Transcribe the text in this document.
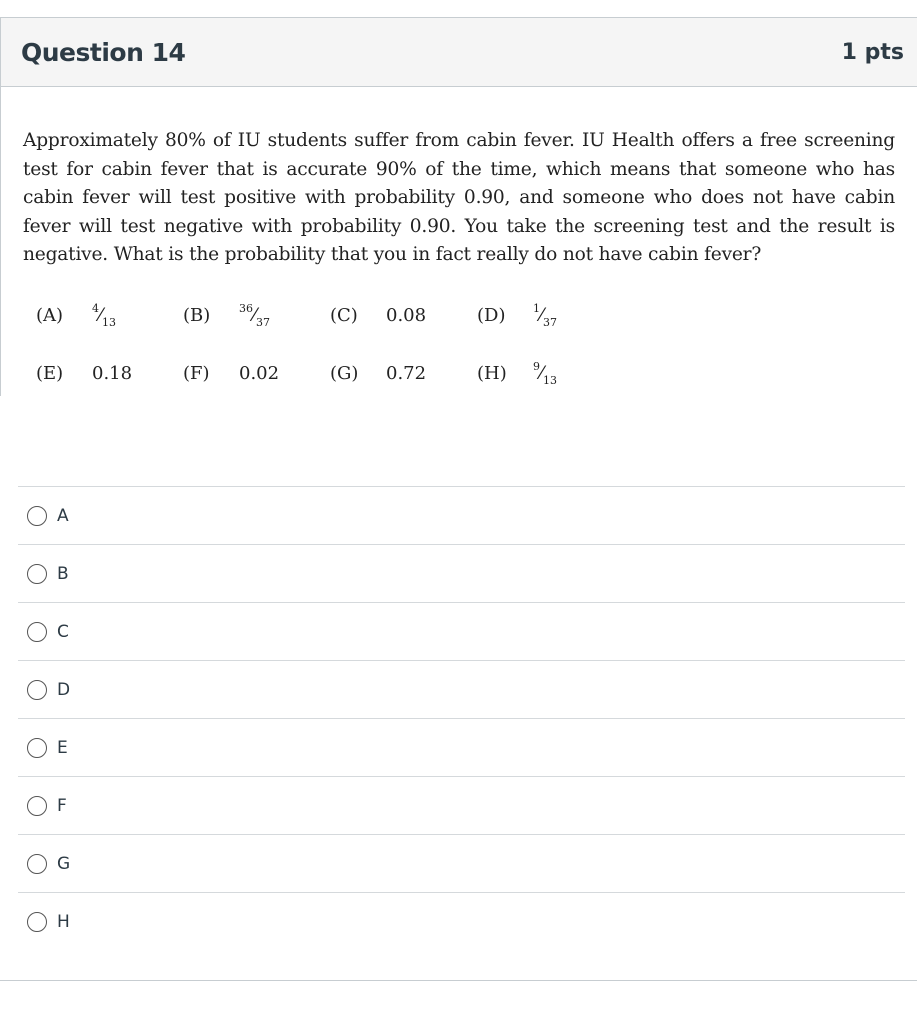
Question 14	1 pts

Approximately 80% of IU students suffer from cabin fever. IU Health offers a free screening test for cabin fever that is accurate 90% of the time, which means that someone who has cabin fever will test positive with probability 0.90, and someone who does not have cabin fever will test negative with probability 0.90. You take the screening test and the result is negative. What is the probability that you in fact really do not have cabin fever?

(A)	$^4⁄_{13}$	(B)	$^{36}⁄_{37}$	(C)	0.08	(D)	$^1⁄_{37}$
(E)	0.18	(F)	0.02	(G)	0.72	(H)	$^9⁄_{13}$
A
B
C
D
E
F
G
H
